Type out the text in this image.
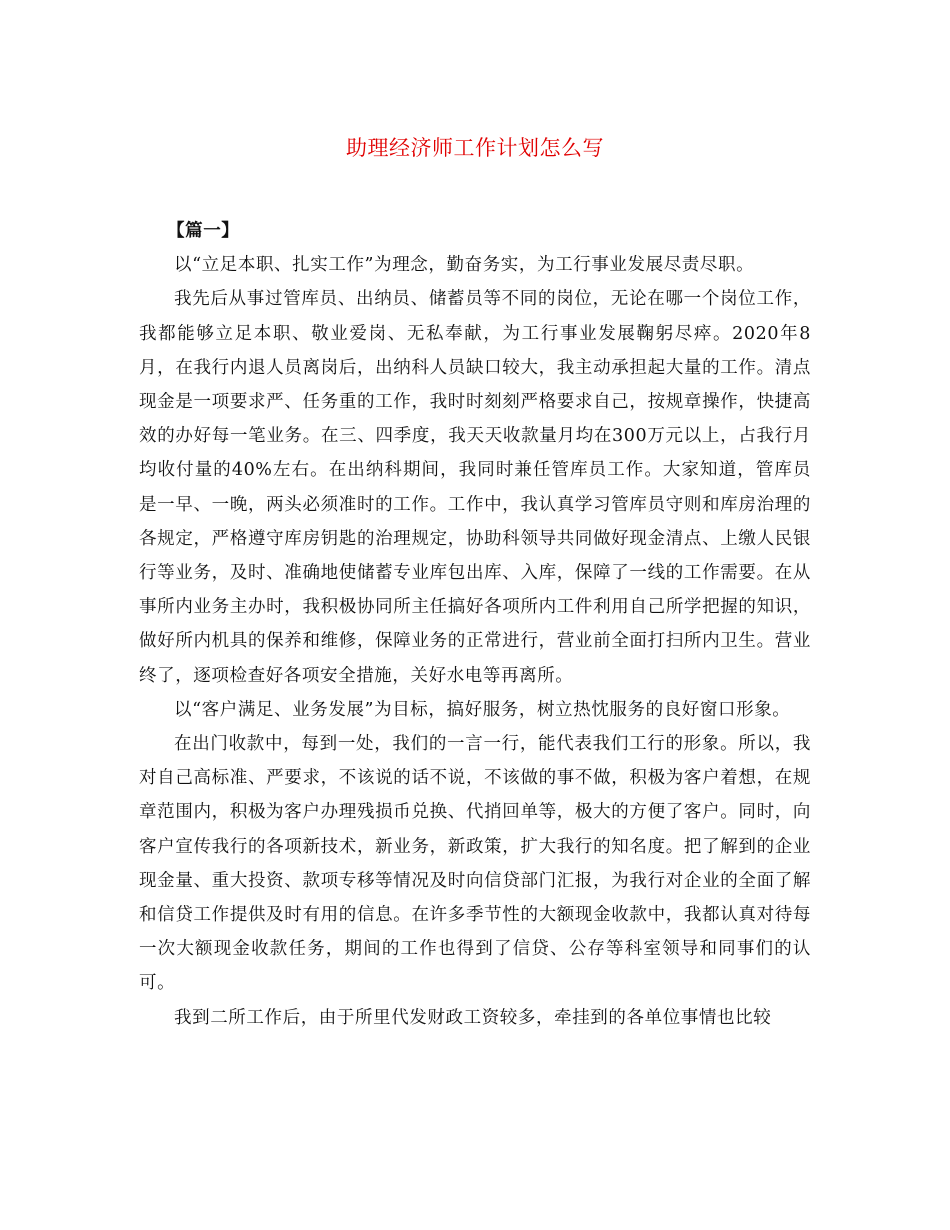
助理经济师工作计划怎么写
【篇一】

以“立足本职、扎实工作”为理念，勤奋务实，为工行事业发展尽责尽职。

我先后从事过管库员、出纳员、储蓄员等不同的岗位，无论在哪一个岗位工作，我都能够立足本职、敬业爱岗、无私奉献，为工行事业发展鞠躬尽瘁。2020年8月，在我行内退人员离岗后，出纳科人员缺口较大，我主动承担起大量的工作。清点现金是一项要求严、任务重的工作，我时时刻刻严格要求自己，按规章操作，快捷高效的办好每一笔业务。在三、四季度，我天天收款量月均在300万元以上，占我行月均收付量的40%左右。在出纳科期间，我同时兼任管库员工作。大家知道，管库员是一早、一晚，两头必须准时的工作。工作中，我认真学习管库员守则和库房治理的各规定，严格遵守库房钥匙的治理规定，协助科领导共同做好现金清点、上缴人民银行等业务，及时、准确地使储蓄专业库包出库、入库，保障了一线的工作需要。在从事所内业务主办时，我积极协同所主任搞好各项所内工件利用自己所学把握的知识，做好所内机具的保养和维修，保障业务的正常进行，营业前全面打扫所内卫生。营业终了，逐项检查好各项安全措施，关好水电等再离所。

以“客户满足、业务发展”为目标，搞好服务，树立热忱服务的良好窗口形象。

在出门收款中，每到一处，我们的一言一行，能代表我们工行的形象。所以，我对自己高标准、严要求，不该说的话不说，不该做的事不做，积极为客户着想，在规章范围内，积极为客户办理残损币兑换、代捎回单等，极大的方便了客户。同时，向客户宣传我行的各项新技术，新业务，新政策，扩大我行的知名度。把了解到的企业现金量、重大投资、款项专移等情况及时向信贷部门汇报，为我行对企业的全面了解和信贷工作提供及时有用的信息。在许多季节性的大额现金收款中，我都认真对待每一次大额现金收款任务，期间的工作也得到了信贷、公存等科室领导和同事们的认可。

我到二所工作后，由于所里代发财政工资较多，牵挂到的各单位事情也比较
